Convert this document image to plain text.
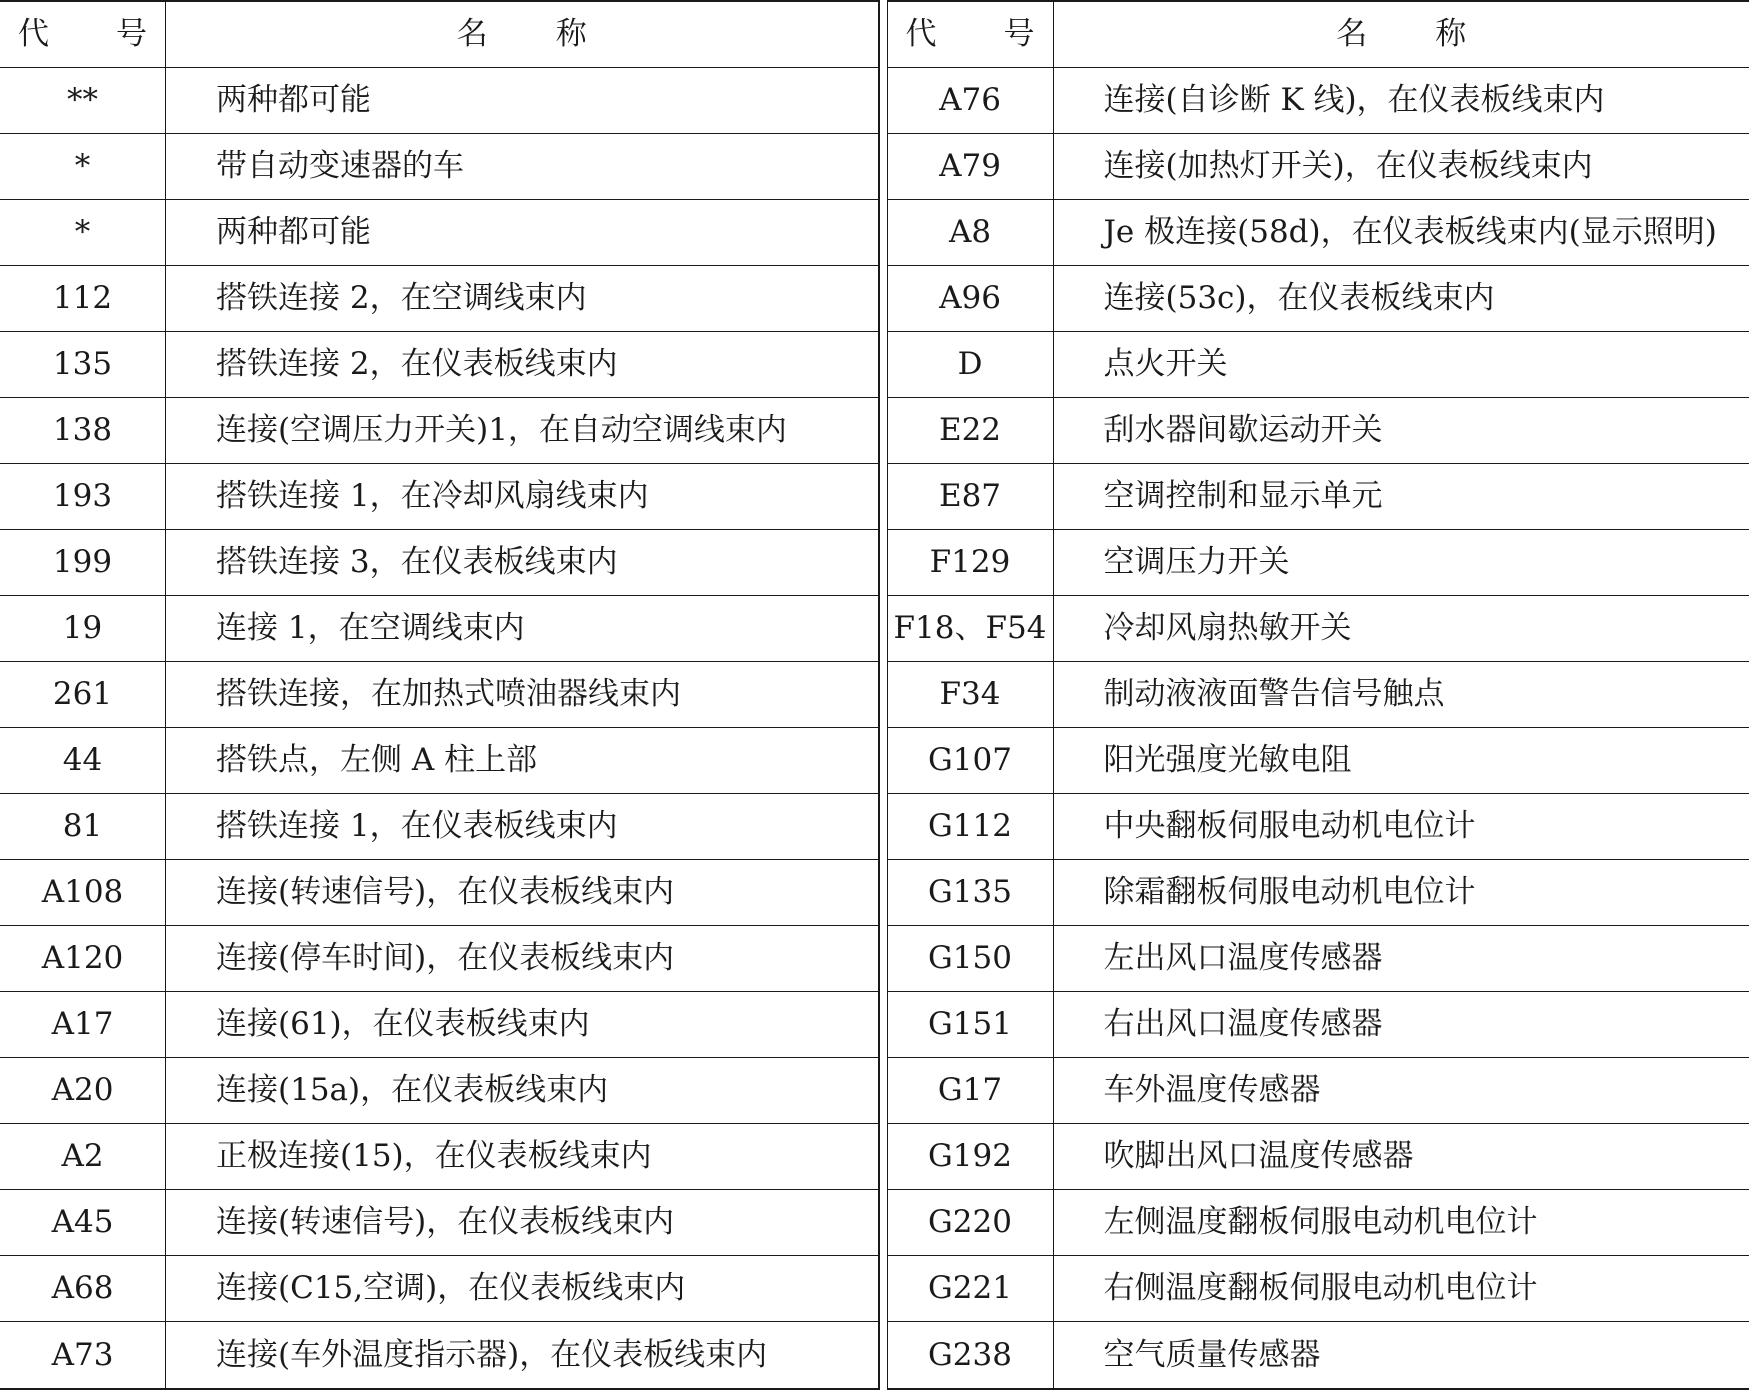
代 号	名称
**	两种都可能
*	带自动变速器的车
*	两种都可能
112	搭铁连接 2，在空调线束内
135	搭铁连接 2，在仪表板线束内
138	连接(空调压力开关)1，在自动空调线束内
193	搭铁连接 1，在冷却风扇线束内
199	搭铁连接 3，在仪表板线束内
19	连接 1，在空调线束内
261	搭铁连接，在加热式喷油器线束内
44	搭铁点，左侧 A 柱上部
81	搭铁连接 1，在仪表板线束内
A108	连接(转速信号)，在仪表板线束内
A120	连接(停车时间)，在仪表板线束内
A17	连接(61)，在仪表板线束内
A20	连接(15a)，在仪表板线束内
A2	正极连接(15)，在仪表板线束内
A45	连接(转速信号)，在仪表板线束内
A68	连接(C15,空调)，在仪表板线束内
A73	连接(车外温度指示器)，在仪表板线束内
代 号	名称
A76	连接(自诊断 K 线)，在仪表板线束内
A79	连接(加热灯开关)，在仪表板线束内
A8	Je 极连接(58d)，在仪表板线束内(显示照明)
A96	连接(53c)，在仪表板线束内
D	点火开关
E22	刮水器间歇运动开关
E87	空调控制和显示单元
F129	空调压力开关
F18、F54	冷却风扇热敏开关
F34	制动液液面警告信号触点
G107	阳光强度光敏电阻
G112	中央翻板伺服电动机电位计
G135	除霜翻板伺服电动机电位计
G150	左出风口温度传感器
G151	右出风口温度传感器
G17	车外温度传感器
G192	吹脚出风口温度传感器
G220	左侧温度翻板伺服电动机电位计
G221	右侧温度翻板伺服电动机电位计
G238	空气质量传感器
